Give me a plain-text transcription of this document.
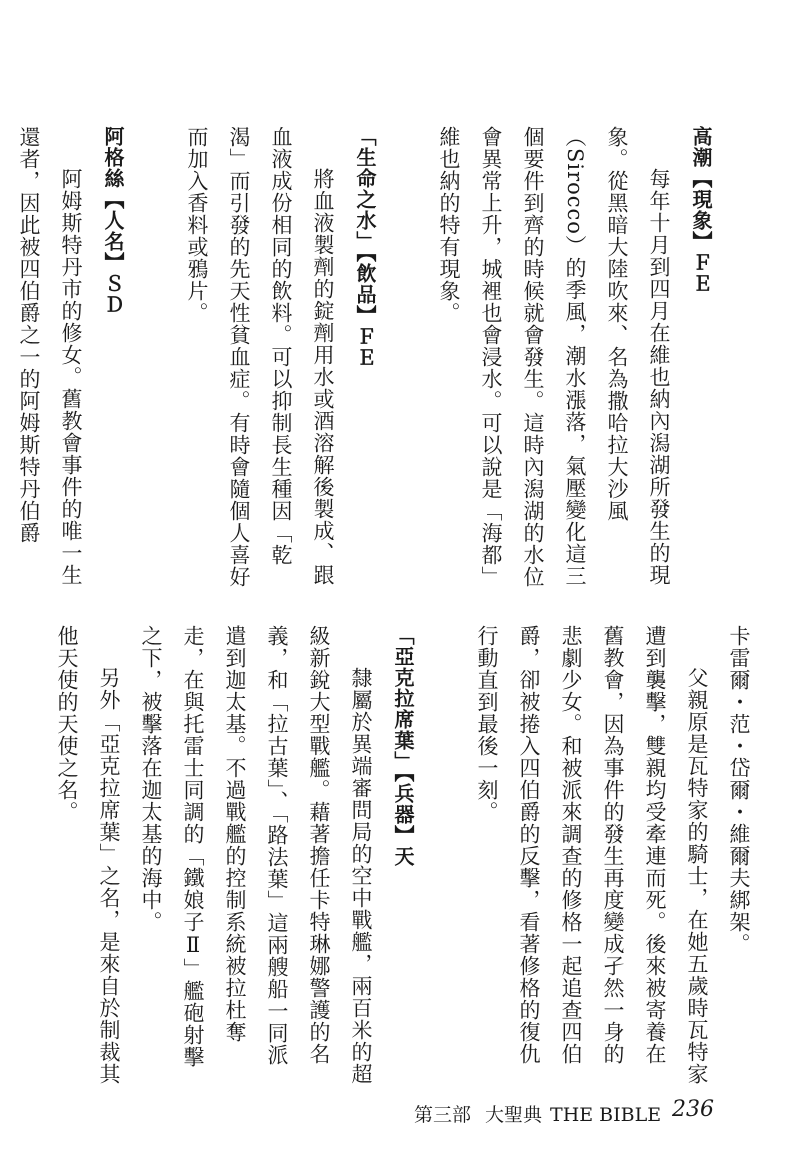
高潮【現象】ＦＥ
每年十月到四月在維也納內潟湖所發生的現象。從黑暗大陸吹來、名為撒哈拉大沙風（Sirocco）的季風，潮水漲落，氣壓變化這三個要件到齊的時候就會發生。這時內潟湖的水位會異常上升，城裡也會浸水。可以說是「海都」維也納的特有現象。
「生命之水」【飲品】ＦＥ
將血液製劑的錠劑用水或酒溶解後製成、跟血液成份相同的飲料。可以抑制長生種因「乾渴」而引發的先天性貧血症。有時會隨個人喜好而加入香料或鴉片。
阿格絲【人名】ＳＤ
阿姆斯特丹市的修女。舊教會事件的唯一生還者，因此被四伯爵之一的阿姆斯特丹伯爵
卡雷爾・范・岱爾・維爾夫綁架。
父親原是瓦特家的騎士，在她五歲時瓦特家遭到襲擊，雙親均受牽連而死。後來被寄養在舊教會，因為事件的發生再度變成孑然一身的悲劇少女。和被派來調查的修格一起追查四伯爵，卻被捲入四伯爵的反擊，看著修格的復仇行動直到最後一刻。
「亞克拉席葉」【兵器】天
隸屬於異端審問局的空中戰艦，兩百米的超級新銳大型戰艦。藉著擔任卡特琳娜警護的名義，和「拉古葉」、「路法葉」這兩艘船一同派遣到迦太基。不過戰艦的控制系統被拉杜奪走，在與托雷士同調的「鐵娘子Ⅱ」艦砲射擊之下，被擊落在迦太基的海中。
另外「亞克拉席葉」之名，是來自於制裁其他天使的天使之名。
第三部 大聖典 THE BIBLE 236
